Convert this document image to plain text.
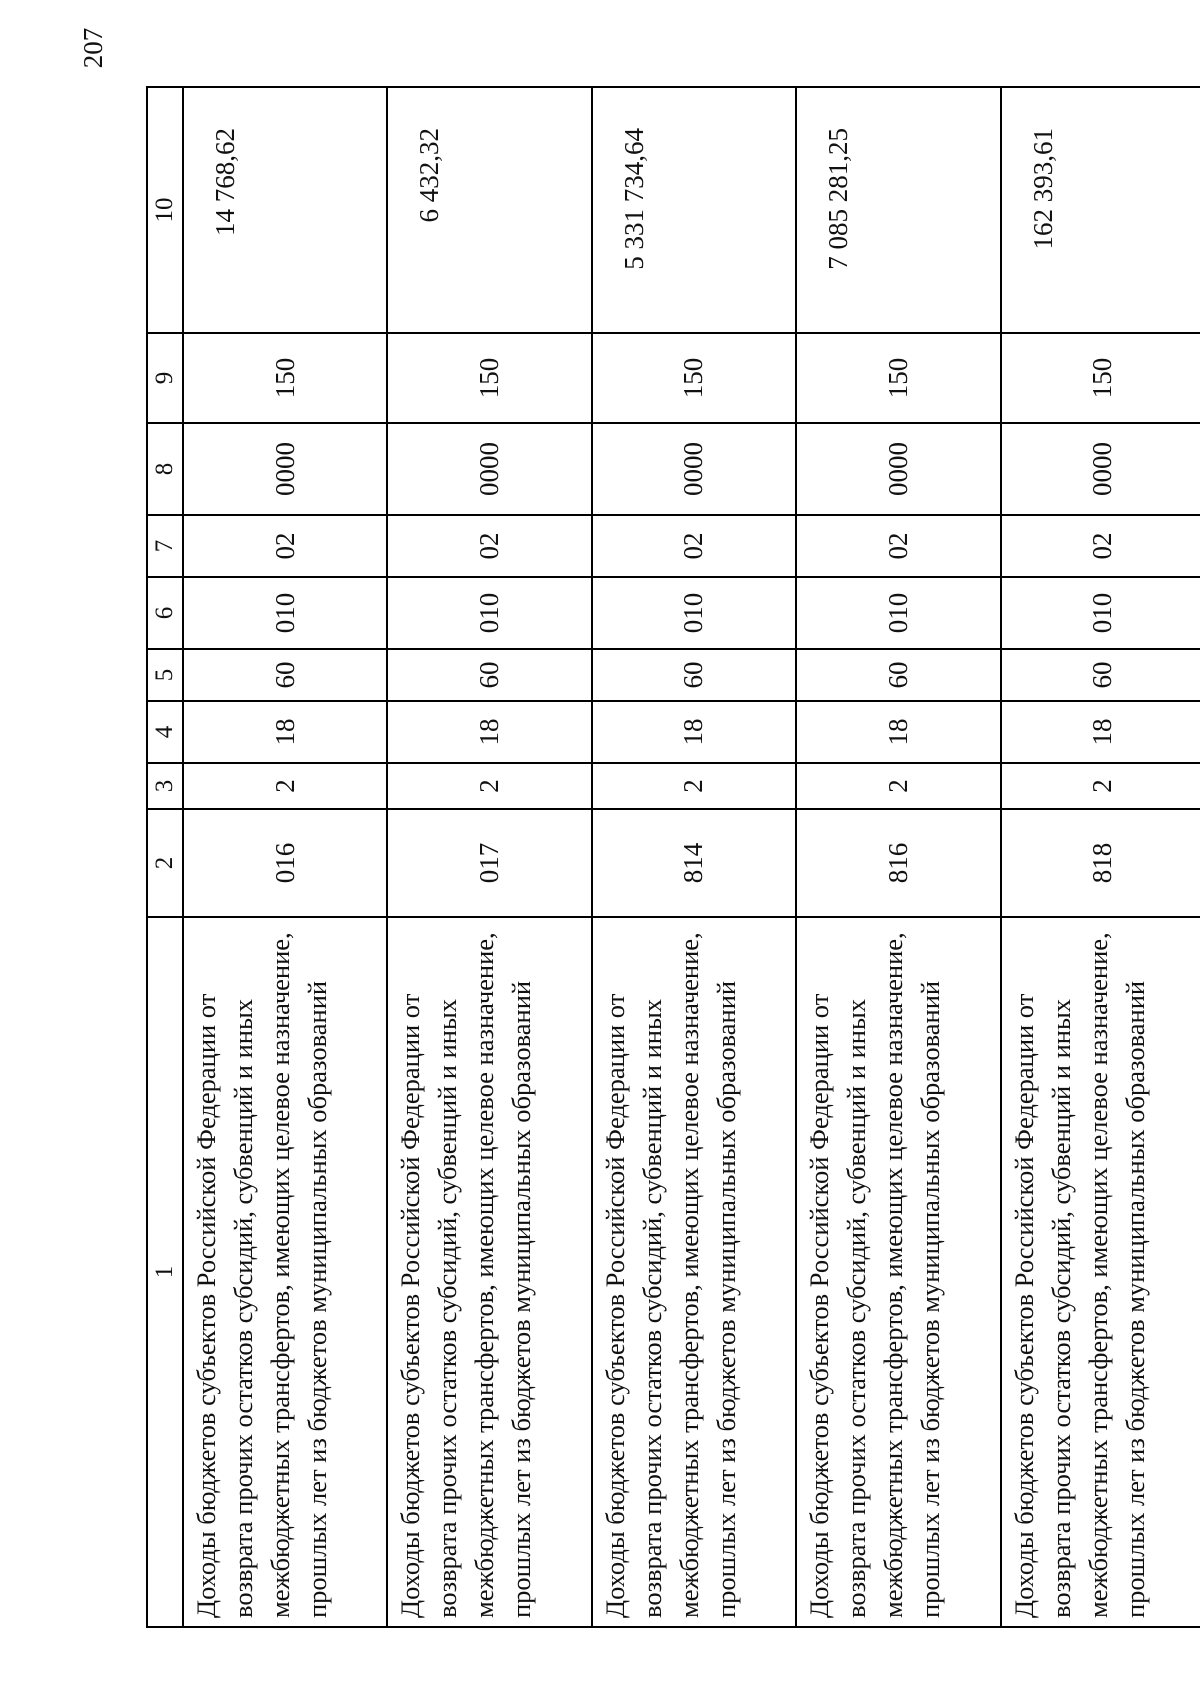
207
1	2	3	4	5	6	7	8	9	10
Доходы бюджетов субъектов Российской Федерации от возврата прочих остатков субсидий, субвенций и иных межбюджетных трансфертов, имеющих целевое назначение, прошлых лет из бюджетов муниципальных образований	016	2	18	60	010	02	0000	150	14 768,62
Доходы бюджетов субъектов Российской Федерации от возврата прочих остатков субсидий, субвенций и иных межбюджетных трансфертов, имеющих целевое назначение, прошлых лет из бюджетов муниципальных образований	017	2	18	60	010	02	0000	150	6 432,32
Доходы бюджетов субъектов Российской Федерации от возврата прочих остатков субсидий, субвенций и иных межбюджетных трансфертов, имеющих целевое назначение, прошлых лет из бюджетов муниципальных образований	814	2	18	60	010	02	0000	150	5 331 734,64
Доходы бюджетов субъектов Российской Федерации от возврата прочих остатков субсидий, субвенций и иных межбюджетных трансфертов, имеющих целевое назначение, прошлых лет из бюджетов муниципальных образований	816	2	18	60	010	02	0000	150	7 085 281,25
Доходы бюджетов субъектов Российской Федерации от возврата прочих остатков субсидий, субвенций и иных межбюджетных трансфертов, имеющих целевое назначение, прошлых лет из бюджетов муниципальных образований	818	2	18	60	010	02	0000	150	162 393,61
